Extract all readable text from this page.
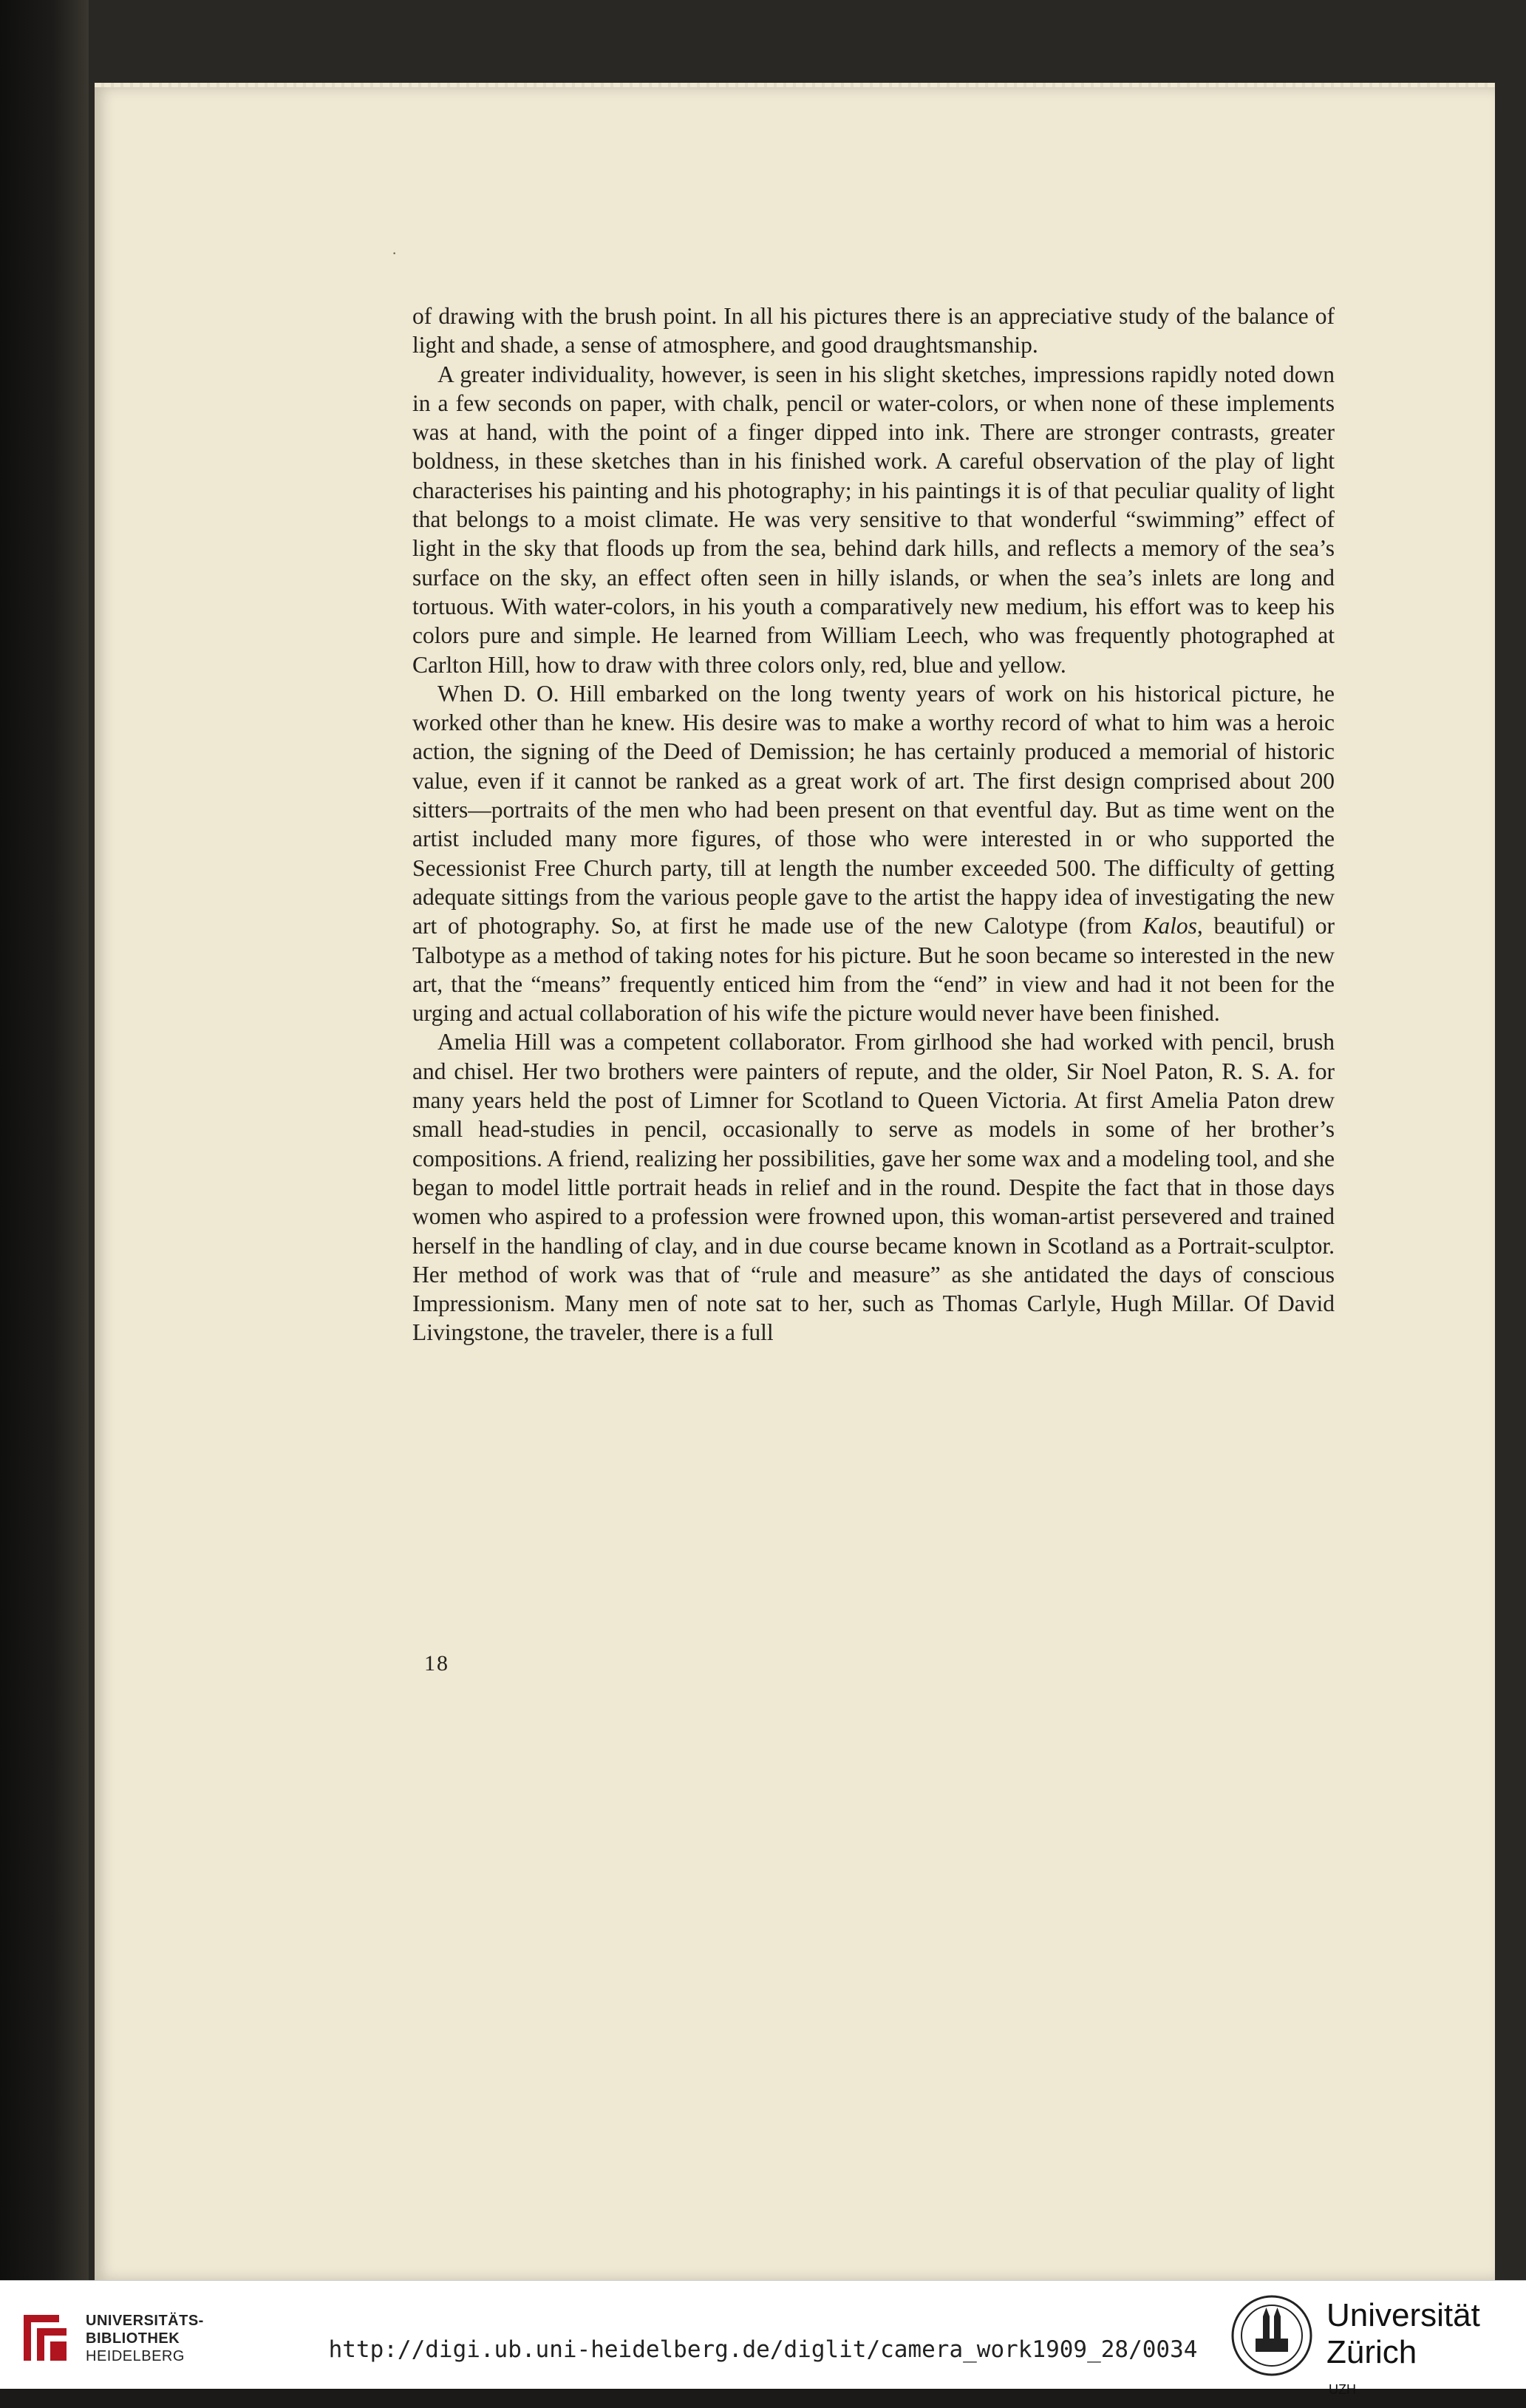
·

of drawing with the brush point. In all his pictures there is an appreciative study of the balance of light and shade, a sense of atmosphere, and good draughtsmanship.

A greater individuality, however, is seen in his slight sketches, impressions rapidly noted down in a few seconds on paper, with chalk, pencil or water-colors, or when none of these implements was at hand, with the point of a finger dipped into ink. There are stronger contrasts, greater boldness, in these sketches than in his finished work. A careful observation of the play of light characterises his painting and his photography; in his paintings it is of that peculiar quality of light that belongs to a moist climate. He was very sensitive to that wonderful “swimming” effect of light in the sky that floods up from the sea, behind dark hills, and reflects a memory of the sea’s surface on the sky, an effect often seen in hilly islands, or when the sea’s inlets are long and tortuous. With water-colors, in his youth a comparatively new medium, his effort was to keep his colors pure and simple. He learned from William Leech, who was frequently photographed at Carlton Hill, how to draw with three colors only, red, blue and yellow.

When D. O. Hill embarked on the long twenty years of work on his historical picture, he worked other than he knew. His desire was to make a worthy record of what to him was a heroic action, the signing of the Deed of Demission; he has certainly produced a memorial of historic value, even if it cannot be ranked as a great work of art. The first design comprised about 200 sitters—portraits of the men who had been present on that eventful day. But as time went on the artist included many more figures, of those who were interested in or who supported the Secessionist Free Church party, till at length the number exceeded 500. The difficulty of getting adequate sittings from the various people gave to the artist the happy idea of investigating the new art of photography. So, at first he made use of the new Calotype (from Kalos, beautiful) or Talbotype as a method of taking notes for his picture. But he soon became so interested in the new art, that the “means” frequently enticed him from the “end” in view and had it not been for the urging and actual collaboration of his wife the picture would never have been finished.

Amelia Hill was a competent collaborator. From girlhood she had worked with pencil, brush and chisel. Her two brothers were painters of repute, and the older, Sir Noel Paton, R. S. A. for many years held the post of Limner for Scotland to Queen Victoria. At first Amelia Paton drew small head-studies in pencil, occasionally to serve as models in some of her brother’s compositions. A friend, realizing her possibilities, gave her some wax and a modeling tool, and she began to model little portrait heads in relief and in the round. Despite the fact that in those days women who aspired to a profession were frowned upon, this woman-artist persevered and trained herself in the handling of clay, and in due course became known in Scotland as a Portrait-sculptor. Her method of work was that of “rule and measure” as she antidated the days of conscious Impressionism. Many men of note sat to her, such as Thomas Carlyle, Hugh Millar. Of David Livingstone, the traveler, there is a full

18
UNIVERSITÄTS-
BIBLIOTHEK
HEIDELBERG	http://digi.ub.uni-heidelberg.de/diglit/camera_work1909_28/0034
Universität
Zürich
UZH
